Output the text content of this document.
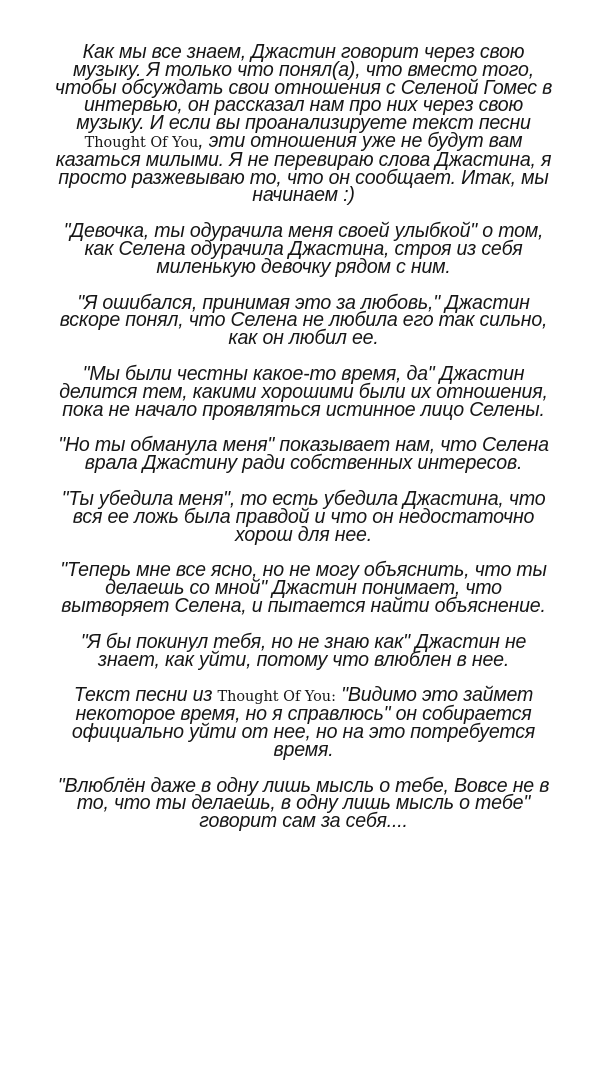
Как мы все знаем, Джастин говорит через свою музыку. Я только что понял(а), что вместо того, чтобы обсуждать свои отношения с Селеной Гомес в интервью, он рассказал нам про них через свою музыку. И если вы проанализируете текст песни Thought Of You, эти отношения уже не будут вам казаться милыми. Я не перевираю слова Джастина, я просто разжевываю то, что он сообщает. Итак, мы начинаем :)

"Девочка, ты одурачила меня своей улыбкой" о том, как Селена одурачила Джастина, строя из себя миленькую девочку рядом с ним.

"Я ошибался, принимая это за любовь," Джастин вскоре понял, что Селена не любила его так сильно, как он любил ее.

"Мы были честны какое-то время, да" Джастин делится тем, какими хорошими были их отношения, пока не начало проявляться истинное лицо Селены.

"Но ты обманула меня" показывает нам, что Селена врала Джастину ради собственных интересов.

"Ты убедила меня", то есть убедила Джастина, что вся ее ложь была правдой и что он недостаточно хорош для нее.

"Теперь мне все ясно, но не могу объяснить, что ты делаешь со мной" Джастин понимает, что вытворяет Селена, и пытается найти объяснение.

"Я бы покинул тебя, но не знаю как" Джастин не знает, как уйти, потому что влюблен в нее.

Текст песни из Thought Of You: "Видимо это займет некоторое время, но я справлюсь" он собирается официально уйти от нее, но на это потребуется время.

"Влюблён даже в одну лишь мысль о тебе, Вовсе не в то, что ты делаешь, в одну лишь мысль о тебе" говорит сам за себя....
